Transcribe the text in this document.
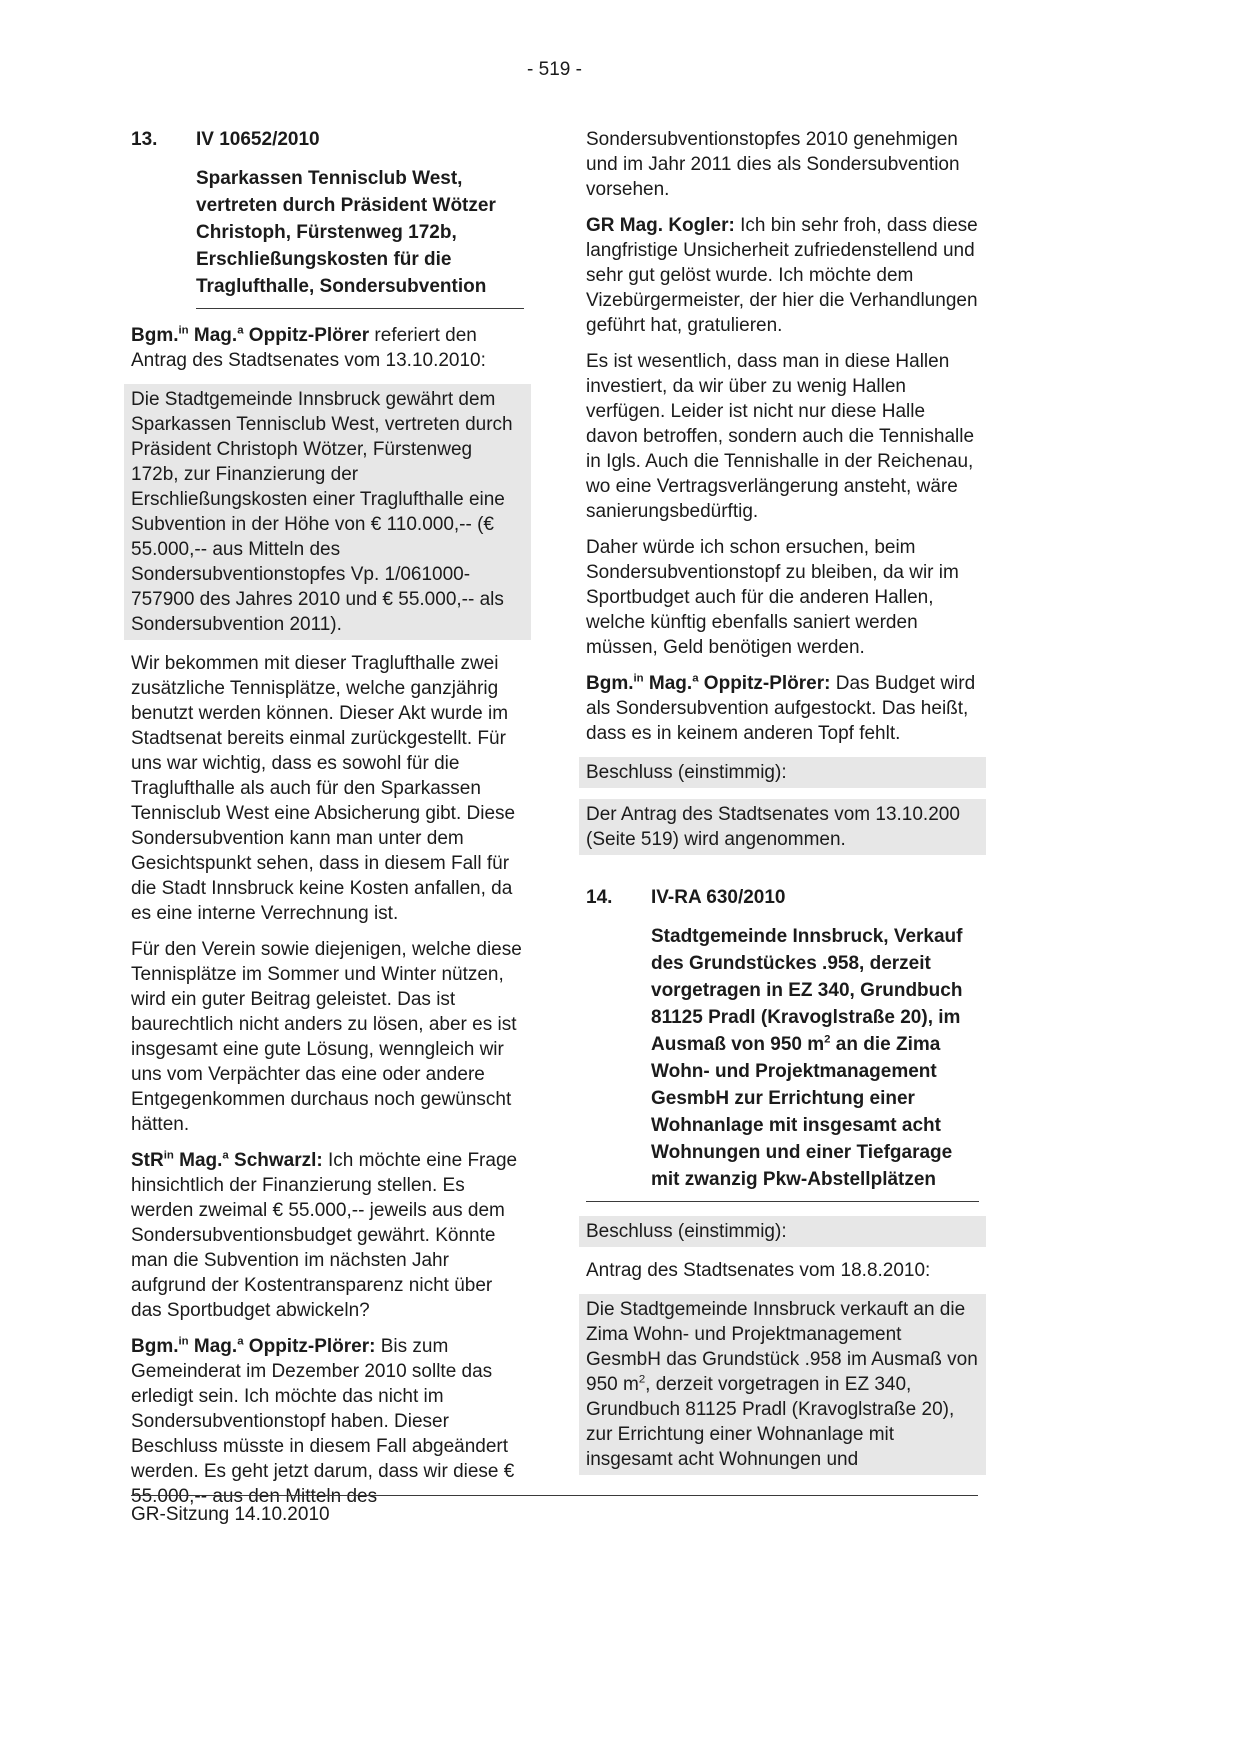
- 519 -
13.	IV 10652/2010
Sparkassen Tennisclub West, vertreten durch Präsident Wötzer Christoph, Fürstenweg 172b, Erschließungskosten für die Traglufthalle, Sondersubvention

Bgm.$^{in}$ Mag.$^a$ Oppitz-Plörer referiert den Antrag des Stadtsenates vom 13.10.2010:

Die Stadtgemeinde Innsbruck gewährt dem Sparkassen Tennisclub West, vertreten durch Präsident Christoph Wötzer, Fürstenweg 172b, zur Finanzierung der Erschließungskosten einer Traglufthalle eine Subvention in der Höhe von € 110.000,-- (€ 55.000,-- aus Mitteln des Sondersubventionstopfes Vp. 1/061000-757900 des Jahres 2010 und € 55.000,-- als Sondersubvention 2011).

Wir bekommen mit dieser Traglufthalle zwei zusätzliche Tennisplätze, welche ganzjährig benutzt werden können. Dieser Akt wurde im Stadtsenat bereits einmal zurückgestellt. Für uns war wichtig, dass es sowohl für die Traglufthalle als auch für den Sparkassen Tennisclub West eine Absicherung gibt. Diese Sondersubvention kann man unter dem Gesichtspunkt sehen, dass in diesem Fall für die Stadt Innsbruck keine Kosten anfallen, da es eine interne Verrechnung ist.

Für den Verein sowie diejenigen, welche diese Tennisplätze im Sommer und Winter nützen, wird ein guter Beitrag geleistet. Das ist baurechtlich nicht anders zu lösen, aber es ist insgesamt eine gute Lösung, wenngleich wir uns vom Verpächter das eine oder andere Entgegenkommen durchaus noch gewünscht hätten.

StR$^{in}$ Mag.$^a$ Schwarzl: Ich möchte eine Frage hinsichtlich der Finanzierung stellen. Es werden zweimal € 55.000,-- jeweils aus dem Sondersubventionsbudget gewährt. Könnte man die Subvention im nächsten Jahr aufgrund der Kostentransparenz nicht über das Sportbudget abwickeln?

Bgm.$^{in}$ Mag.$^a$ Oppitz-Plörer: Bis zum Gemeinderat im Dezember 2010 sollte das erledigt sein. Ich möchte das nicht im Sondersubventionstopf haben. Dieser Beschluss müsste in diesem Fall abgeändert werden. Es geht jetzt darum, dass wir diese € 55.000,-- aus den Mitteln des

Sondersubventionstopfes 2010 genehmigen und im Jahr 2011 dies als Sondersubvention vorsehen.

GR Mag. Kogler: Ich bin sehr froh, dass diese langfristige Unsicherheit zufriedenstellend und sehr gut gelöst wurde. Ich möchte dem Vizebürgermeister, der hier die Verhandlungen geführt hat, gratulieren.

Es ist wesentlich, dass man in diese Hallen investiert, da wir über zu wenig Hallen verfügen. Leider ist nicht nur diese Halle davon betroffen, sondern auch die Tennishalle in Igls. Auch die Tennishalle in der Reichenau, wo eine Vertragsverlängerung ansteht, wäre sanierungsbedürftig.

Daher würde ich schon ersuchen, beim Sondersubventionstopf zu bleiben, da wir im Sportbudget auch für die anderen Hallen, welche künftig ebenfalls saniert werden müssen, Geld benötigen werden.

Bgm.$^{in}$ Mag.$^a$ Oppitz-Plörer: Das Budget wird als Sondersubvention aufgestockt. Das heißt, dass es in keinem anderen Topf fehlt.

Beschluss (einstimmig):

Der Antrag des Stadtsenates vom 13.10.200 (Seite 519) wird angenommen.

14.	IV-RA 630/2010
Stadtgemeinde Innsbruck, Verkauf des Grundstückes .958, derzeit vorgetragen in EZ 340, Grundbuch 81125 Pradl (Kravoglstraße 20), im Ausmaß von 950 $m^2$ an die Zima Wohn- und Projektmanagement GesmbH zur Errichtung einer Wohnanlage mit insgesamt acht Wohnungen und einer Tiefgarage mit zwanzig Pkw-Abstellplätzen

Beschluss (einstimmig):

Antrag des Stadtsenates vom 18.8.2010:

Die Stadtgemeinde Innsbruck verkauft an die Zima Wohn- und Projektmanagement GesmbH das Grundstück .958 im Ausmaß von 950 $m^2$, derzeit vorgetragen in EZ 340, Grundbuch 81125 Pradl (Kravoglstraße 20), zur Errichtung einer Wohnanlage mit insgesamt acht Wohnungen und

GR-Sitzung 14.10.2010
